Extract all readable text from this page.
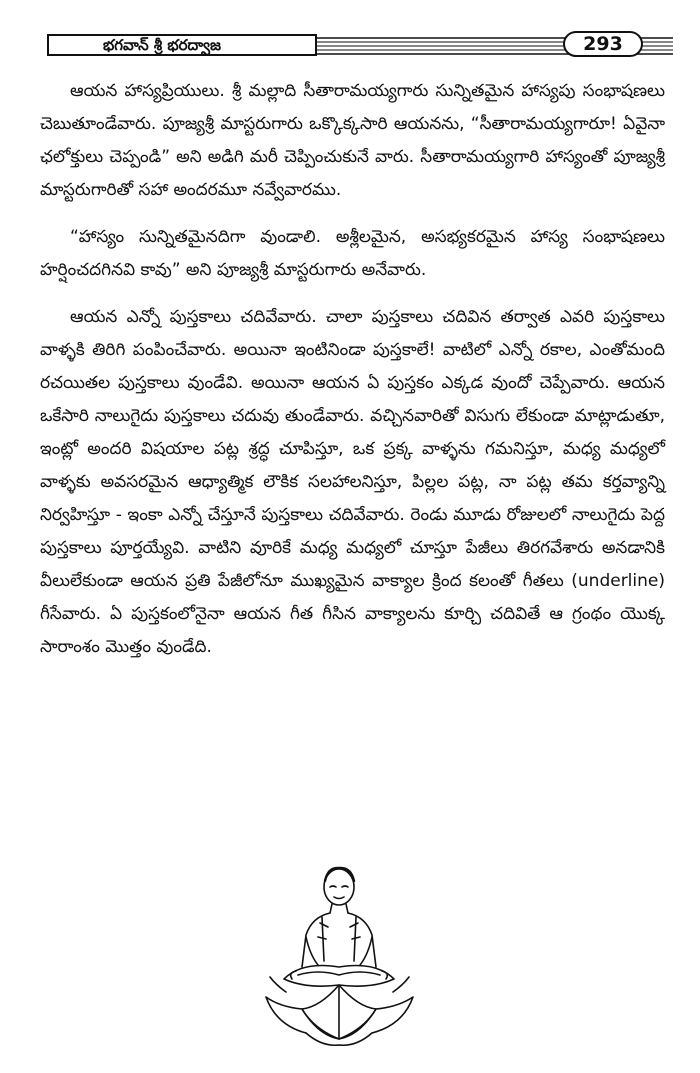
భగవాన్ శ్రీ భరద్వాజ	293

ఆయన హాస్యప్రియులు. శ్రీ మల్లాది సీతారామయ్యగారు సున్నితమైన హాస్యపు సంభాషణలు చెబుతూండేవారు. పూజ్యశ్రీ మాస్టరుగారు ఒక్కొక్కసారి ఆయనను, “సీతారామయ్యగారూ! ఏవైనా ఛలోక్తులు చెప్పండి” అని అడిగి మరీ చెప్పించుకునే వారు. సీతారామయ్యగారి హాస్యంతో పూజ్యశ్రీ మాస్టరుగారితో సహా అందరమూ నవ్వేవారము.

“హాస్యం సున్నితమైనదిగా వుండాలి. అశ్లీలమైన, అసభ్యకరమైన హాస్య సంభాషణలు హర్షించదగినవి కావు” అని పూజ్యశ్రీ మాస్టరుగారు అనేవారు.

ఆయన ఎన్నో పుస్తకాలు చదివేవారు. చాలా పుస్తకాలు చదివిన తర్వాత ఎవరి పుస్తకాలు వాళ్ళకి తిరిగి పంపించేవారు. అయినా ఇంటినిండా పుస్తకాలే! వాటిలో ఎన్నో రకాల, ఎంతోమంది రచయితల పుస్తకాలు వుండేవి. అయినా ఆయన ఏ పుస్తకం ఎక్కడ వుందో చెప్పేవారు. ఆయన ఒకేసారి నాలుగైదు పుస్తకాలు చదువు తుండేవారు. వచ్చినవారితో విసుగు లేకుండా మాట్లాడుతూ, ఇంట్లో అందరి విషయాల పట్ల శ్రద్ధ చూపిస్తూ, ఒక ప్రక్క వాళ్ళను గమనిస్తూ, మధ్య మధ్యలో వాళ్ళకు అవసరమైన ఆధ్యాత్మిక లౌకిక సలహాలనిస్తూ, పిల్లల పట్ల, నా పట్ల తమ కర్తవ్యాన్ని నిర్వహిస్తూ - ఇంకా ఎన్నో చేస్తూనే పుస్తకాలు చదివేవారు. రెండు మూడు రోజులలో నాలుగైదు పెద్ద పుస్తకాలు పూర్తయ్యేవి. వాటిని వూరికే మధ్య మధ్యలో చూస్తూ పేజీలు తిరగవేశారు అనడానికి వీలులేకుండా ఆయన ప్రతి పేజీలోనూ ముఖ్యమైన వాక్యాల క్రింద కలంతో గీతలు (underline) గీసేవారు. ఏ పుస్తకంలోనైనా ఆయన గీత గీసిన వాక్యాలను కూర్చి చదివితే ఆ గ్రంథం యొక్క సారాంశం మొత్తం వుండేది.
